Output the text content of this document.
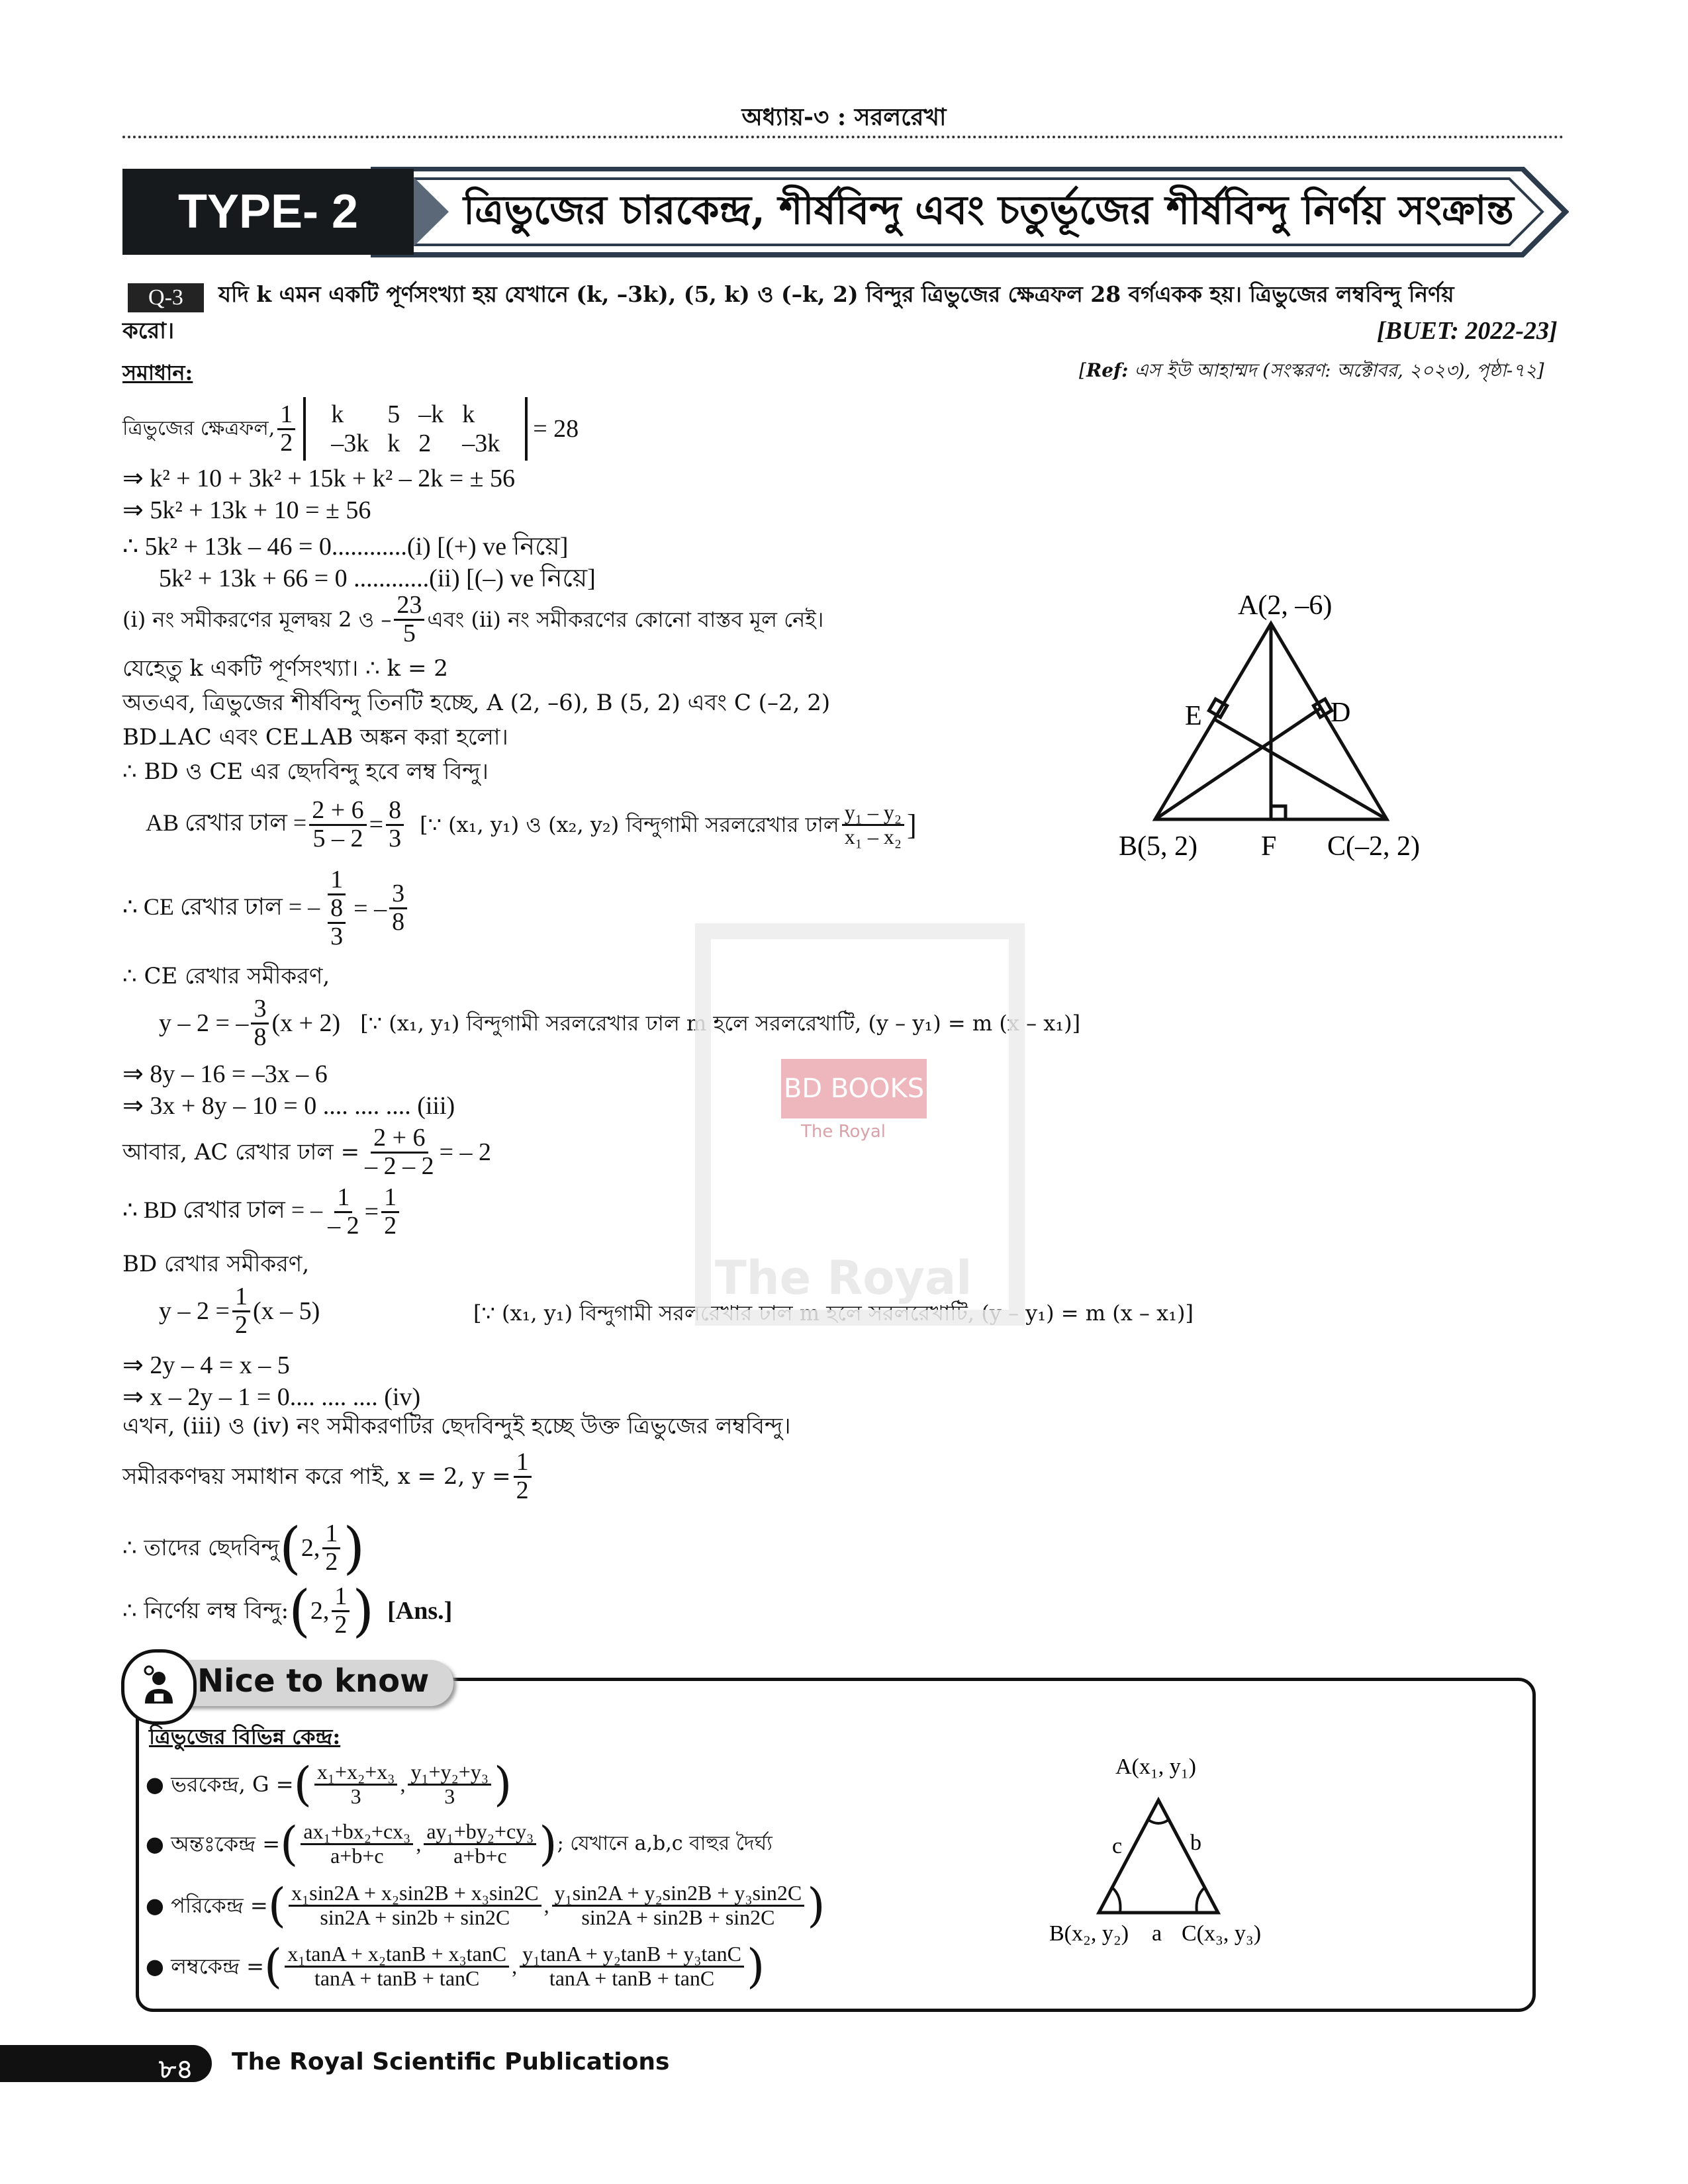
অধ্যায়-৩ : সরলরেখা
TYPE- 2	ত্রিভুজের চারকেন্দ্র, শীর্ষবিন্দু এবং চতুর্ভূজের শীর্ষবিন্দু নির্ণয় সংক্রান্ত
Q-3	যদি k এমন একটি পূর্ণসংখ্যা হয় যেখানে (k, –3k), (5, k) ও (–k, 2) বিন্দুর ত্রিভুজের ক্ষেত্রফল 28 বর্গএকক হয়। ত্রিভুজের লম্ববিন্দু নির্ণয়
করো।	[BUET: 2022-23]
সমাধান:	[Ref: এস ইউ আহাম্মদ (সংস্করণ: অক্টোবর, ২০২৩), পৃষ্ঠা-৭২]
ত্রিভুজের ক্ষেত্রফল, $\frac{1}{2}$ k	5	–k	k
–3k	k	2	–3k
= 28
⇒ k² + 10 + 3k² + 15k + k² – 2k = ± 56
⇒ 5k² + 13k + 10 = ± 56
∴ 5k² + 13k – 46 = 0............(i) [(+) ve নিয়ে]
5k² + 13k + 66 = 0 ............(ii) [(–) ve নিয়ে]
(i) নং সমীকরণের মূলদ্বয় 2 ও – $\frac{23}{5}$ এবং (ii) নং সমীকরণের কোনো বাস্তব মূল নেই।
যেহেতু k একটি পূর্ণসংখ্যা। ∴ k = 2
অতএব, ত্রিভুজের শীর্ষবিন্দু তিনটি হচ্ছে, A (2, –6), B (5, 2) এবং C (–2, 2)
BD⊥AC এবং CE⊥AB অঙ্কন করা হলো।
∴ BD ও CE এর ছেদবিন্দু হবে লম্ব বিন্দু।
AB রেখার ঢাল = $\frac{2 + 6}{5 - 2} = \frac{8}{3}$ [∵ (x₁, y₁) ও (x₂, y₂) বিন্দুগামী সরলরেখার ঢাল $\frac{\text{y₁ – y₂}}{\text{x₁ – x₂}}$ ]
∴ CE রেখার ঢাল = – $\frac{1}{\frac{8}{3}}$ = – $\frac{3}{8}$
∴ CE রেখার সমীকরণ,
y – 2 = – $\frac{3}{8} (x + 2)$ [∵ (x₁, y₁) বিন্দুগামী সরলরেখার ঢাল m হলে সরলরেখাটি, (y – y₁) = m (x – x₁)]
⇒ 8y – 16 = –3x – 6
⇒ 3x + 8y – 10 = 0 .... .... .... (iii)
আবার, AC রেখার ঢাল = $\frac{2 + 6}{- 2 - 2}$ = – 2
∴ BD রেখার ঢাল = – $\frac{1}{- 2} = \frac{1}{2}$
BD রেখার সমীকরণ,
$y - 2 = \frac{1}{2} (x - 5)$	[∵ (x₁, y₁) বিন্দুগামী সরলরেখার ঢাল m হলে সরলরেখাটি, (y – y₁) = m (x – x₁)]
⇒ 2y – 4 = x – 5
⇒ x – 2y – 1 = 0.... .... .... (iv)
এখন, (iii) ও (iv) নং সমীকরণটির ছেদবিন্দুই হচ্ছে উক্ত ত্রিভুজের লম্ববিন্দু।
সমীরকণদ্বয় সমাধান করে পাই, x = 2, $y = \frac{1}{2}$
∴ তাদের ছেদবিন্দু ( 2, $\frac{1}{2}$ )
∴ নির্ণেয় লম্ব বিন্দু: ( 2, $\frac{1}{2}$ ) [Ans.]
A(2, –6)
E	D
B(5, 2) F C(–2, 2)
BD BOOKS
The Royal
The Royal
Nice to know
ত্রিভুজের বিভিন্ন কেন্দ্র:
● ভরকেন্দ্র, G = ( $\frac{\text{x₁+x₂+x₃}}{3}$ , $\frac{\text{y₁+y₂+y₃}}{3}$ )
● অন্তঃকেন্দ্র = ( $\frac{\text{ax₁+bx₂+cx₃}}{a+b+c}$ , $\frac{\text{ay₁+by₂+cy₃}}{a+b+c}$ ) ; যেখানে a,b,c বাহুর দৈর্ঘ্য
● পরিকেন্দ্র = ( $\frac{\text{x₁sin2A + x₂sin2B + x₃sin2C}}{\sin 2A + \sin 2b + \sin 2C}$ , $\frac{\text{y₁sin2A + y₂sin2B + y₃sin2C}}{\sin 2A + \sin 2B + \sin 2C}$ )
● লম্বকেন্দ্র = ( $\frac{\text{x₁tanA + x₂tanB + x₃tanC}}{\tan A + \tan B + \tan C}$ , $\frac{\text{y₁tanA + y₂tanB + y₃tanC}}{\tan A + \tan B + \tan C}$ )
A(x₁, y₁)
c	b
B(x₂, y₂) a C(x₃, y₃)
৮৪ The Royal Scientific Publications
